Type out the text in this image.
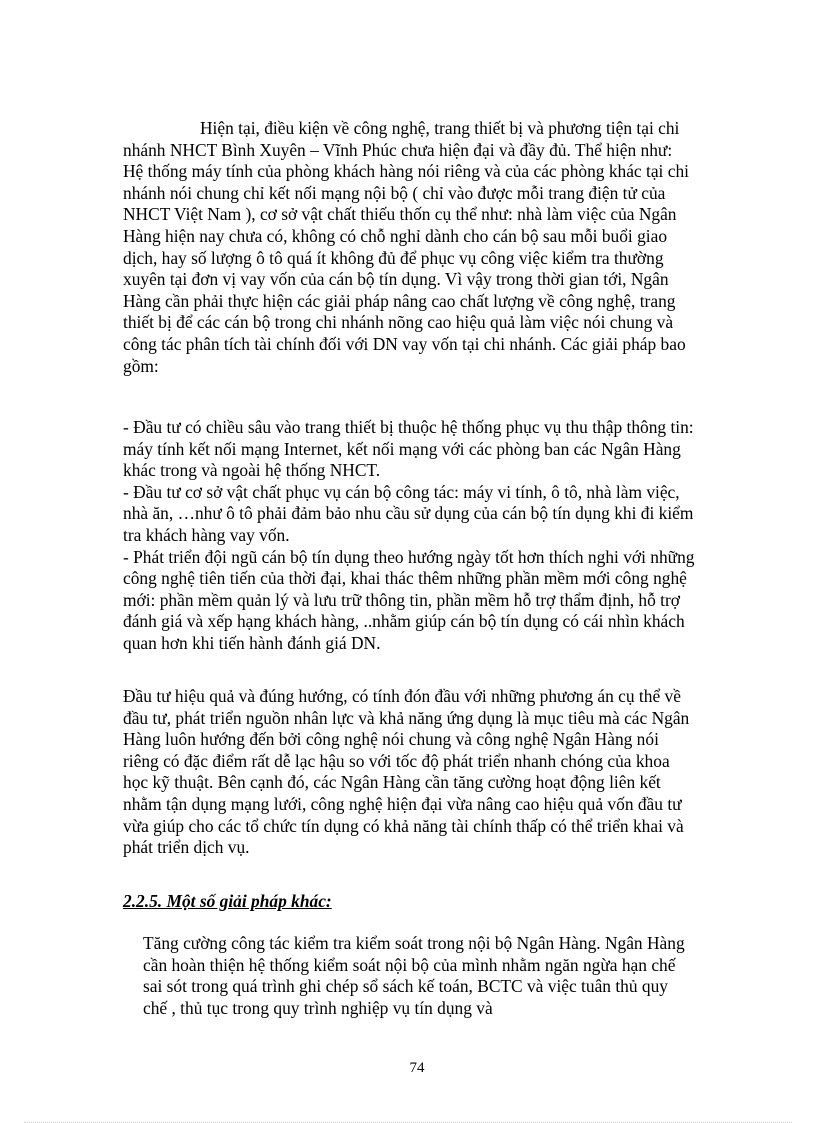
Hiện tại, điều kiện về công nghệ, trang thiết bị và phương tiện tại chi nhánh NHCT Bình Xuyên – Vĩnh Phúc chưa hiện đại và đầy đủ. Thể hiện như: Hệ thống máy tính của phòng khách hàng nói riêng và của các phòng khác tại chi nhánh nói chung chỉ kết nối mạng nội bộ ( chỉ vào được mỗi trang điện tử của NHCT Việt Nam ), cơ sở vật chất thiếu thốn cụ thể như: nhà làm việc của Ngân Hàng hiện nay chưa có, không có chỗ nghỉ dành cho cán bộ sau mỗi buổi giao dịch, hay số lượng ô tô quá ít không đủ để phục vụ công việc kiểm tra thường xuyên tại đơn vị vay vốn của cán bộ tín dụng. Vì vậy trong thời gian tới, Ngân Hàng cần phải thực hiện các giải pháp nâng cao chất lượng về công nghệ, trang thiết bị để các cán bộ trong chi nhánh nõng cao hiệu quả làm việc nói chung và công tác phân tích tài chính đối với DN vay vốn tại chi nhánh. Các giải pháp bao gồm:

- Đầu tư có chiều sâu vào trang thiết bị thuộc hệ thống phục vụ thu thập thông tin: máy tính kết nối mạng Internet, kết nối mạng với các phòng ban các Ngân Hàng khác trong và ngoài hệ thống NHCT.

- Đầu tư cơ sở vật chất phục vụ cán bộ công tác: máy vi tính, ô tô, nhà làm việc, nhà ăn, …như ô tô phải đảm bảo nhu cầu sử dụng của cán bộ tín dụng khi đi kiểm tra khách hàng vay vốn.

- Phát triển đội ngũ cán bộ tín dụng theo hướng ngày tốt hơn thích nghi với những công nghệ tiên tiến của thời đại, khai thác thêm những phần mềm mới công nghệ mới: phần mềm quản lý và lưu trữ thông tin, phần mềm hỗ trợ thẩm định, hỗ trợ đánh giá và xếp hạng khách hàng, ..nhằm giúp cán bộ tín dụng có cái nhìn khách quan hơn khi tiến hành đánh giá DN.

Đầu tư hiệu quả và đúng hướng, có tính đón đầu với những phương án cụ thể về đầu tư, phát triển nguồn nhân lực và khả năng ứng dụng là mục tiêu mà các Ngân Hàng luôn hướng đến bởi công nghệ nói chung và công nghệ Ngân Hàng nói riêng có đặc điểm rất dễ lạc hậu so với tốc độ phát triển nhanh chóng của khoa học kỹ thuật. Bên cạnh đó, các Ngân Hàng cần tăng cường hoạt động liên kết nhằm tận dụng mạng lưới, công nghệ hiện đại vừa nâng cao hiệu quả vốn đầu tư vừa giúp cho các tổ chức tín dụng có khả năng tài chính thấp có thể triển khai và phát triển dịch vụ.

2.2.5. Một số giải pháp khác:

Tăng cường công tác kiểm tra kiểm soát trong nội bộ Ngân Hàng. Ngân Hàng cần hoàn thiện hệ thống kiểm soát nội bộ của mình nhằm ngăn ngừa hạn chế sai sót trong quá trình ghi chép sổ sách kế toán, BCTC và việc tuân thủ quy chế , thủ tục trong quy trình nghiệp vụ tín dụng và

74
